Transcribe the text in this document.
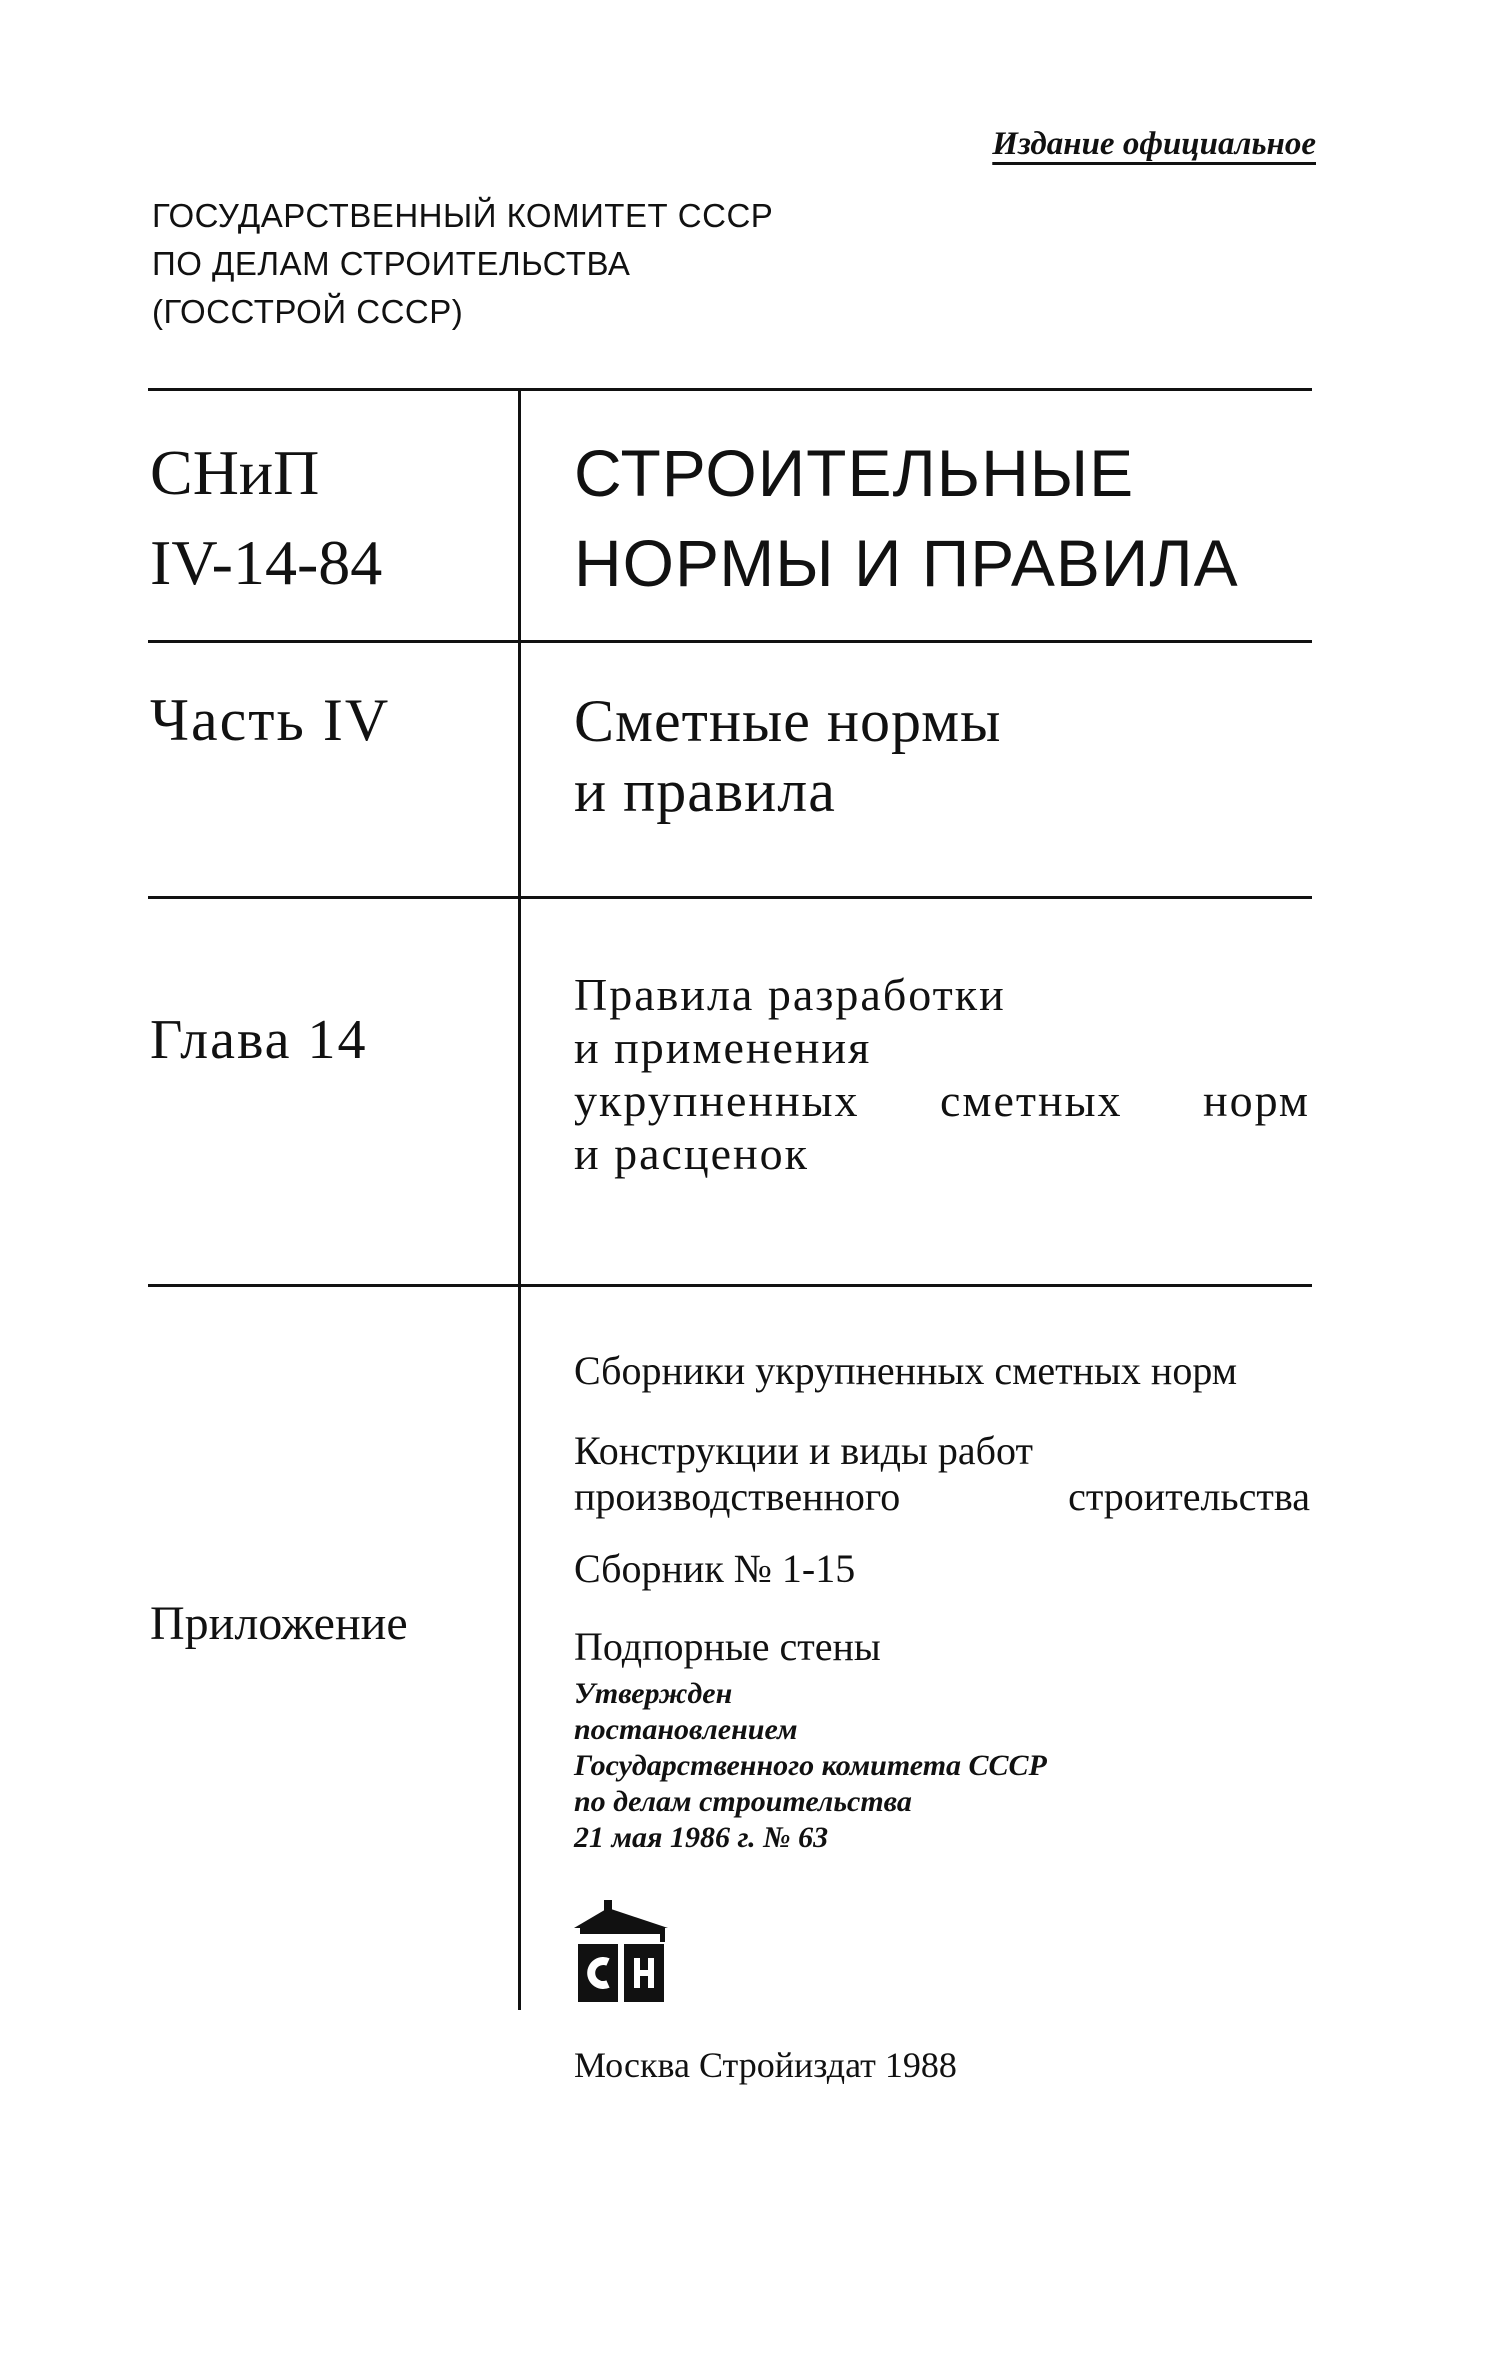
Издание официальное
ГОСУДАРСТВЕННЫЙ КОМИТЕТ СССР
ПО ДЕЛАМ СТРОИТЕЛЬСТВА
(ГОССТРОЙ СССР)
СНиП
IV-14-84
СТРОИТЕЛЬНЫЕ
НОРМЫ И ПРАВИЛА
Часть IV	Сметные нормы
и правила
Глава 14
Правила разработки
и применения
укрупненных сметных норм
и расценок
Приложение
Сборники укрупненных сметных норм
Конструкции и виды работ
производственного	строительства
Сборник № 1-15
Подпорные стены
Утвержден
постановлением
Государственного комитета СССР
по делам строительства
21 мая 1986 г. № 63
Москва Стройиздат 1988
